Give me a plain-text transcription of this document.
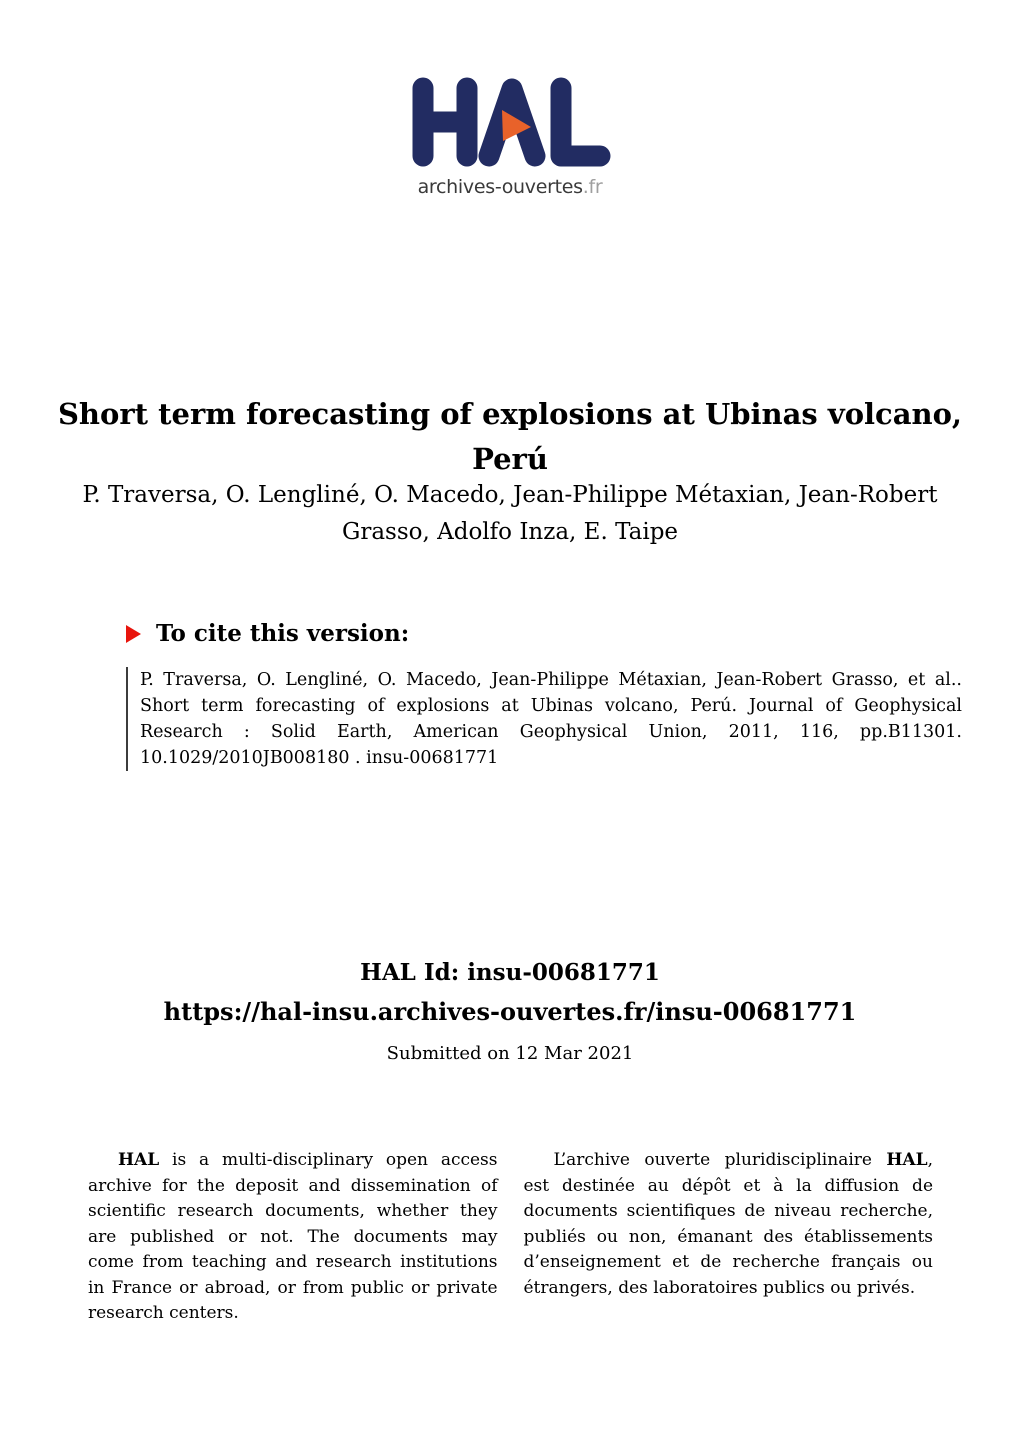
archives-ouvertes.fr
Short term forecasting of explosions at Ubinas volcano,
Perú
P. Traversa, O. Lengliné, O. Macedo, Jean-Philippe Métaxian, Jean-Robert
Grasso, Adolfo Inza, E. Taipe
To cite this version:
P. Traversa, O. Lengliné, O. Macedo, Jean-Philippe Métaxian, Jean-Robert Grasso, et al.. Short term forecasting of explosions at Ubinas volcano, Perú. Journal of Geophysical Research : Solid Earth, American Geophysical Union, 2011, 116, pp.B11301. 10.1029/2010JB008180 . insu-00681771
HAL Id: insu-00681771
https://hal-insu.archives-ouvertes.fr/insu-00681771
Submitted on 12 Mar 2021

HAL is a multi-disciplinary open access archive for the deposit and dissemination of scientific research documents, whether they are published or not. The documents may come from teaching and research institutions in France or abroad, or from public or private research centers.

L’archive ouverte pluridisciplinaire HAL, est destinée au dépôt et à la diffusion de documents scientifiques de niveau recherche, publiés ou non, émanant des établissements d’enseignement et de recherche français ou étrangers, des laboratoires publics ou privés.
